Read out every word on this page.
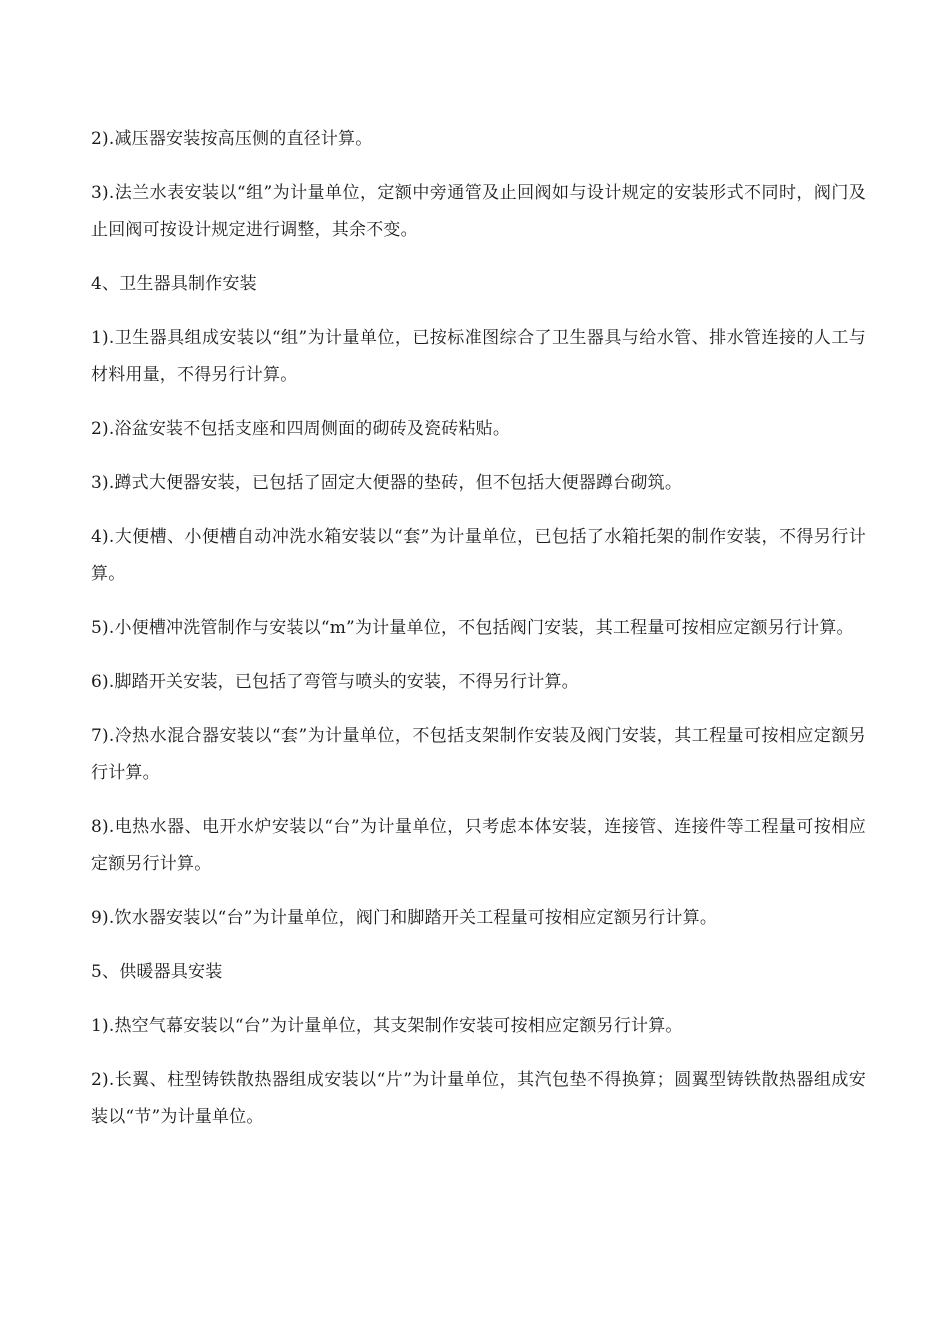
2).减压器安装按高压侧的直径计算。

3).法兰水表安装以“组”为计量单位，定额中旁通管及止回阀如与设计规定的安装形式不同时，阀门及止回阀可按设计规定进行调整，其余不变。

4、卫生器具制作安装

1).卫生器具组成安装以“组”为计量单位，已按标准图综合了卫生器具与给水管、排水管连接的人工与材料用量，不得另行计算。

2).浴盆安装不包括支座和四周侧面的砌砖及瓷砖粘贴。

3).蹲式大便器安装，已包括了固定大便器的垫砖，但不包括大便器蹲台砌筑。

4).大便槽、小便槽自动冲洗水箱安装以“套”为计量单位，已包括了水箱托架的制作安装，不得另行计算。

5).小便槽冲洗管制作与安装以“m”为计量单位，不包括阀门安装，其工程量可按相应定额另行计算。

6).脚踏开关安装，已包括了弯管与喷头的安装，不得另行计算。

7).冷热水混合器安装以“套”为计量单位，不包括支架制作安装及阀门安装，其工程量可按相应定额另行计算。

8).电热水器、电开水炉安装以“台”为计量单位，只考虑本体安装，连接管、连接件等工程量可按相应定额另行计算。

9).饮水器安装以“台”为计量单位，阀门和脚踏开关工程量可按相应定额另行计算。

5、供暖器具安装

1).热空气幕安装以“台”为计量单位，其支架制作安装可按相应定额另行计算。

2).长翼、柱型铸铁散热器组成安装以“片”为计量单位，其汽包垫不得换算；圆翼型铸铁散热器组成安装以“节”为计量单位。
